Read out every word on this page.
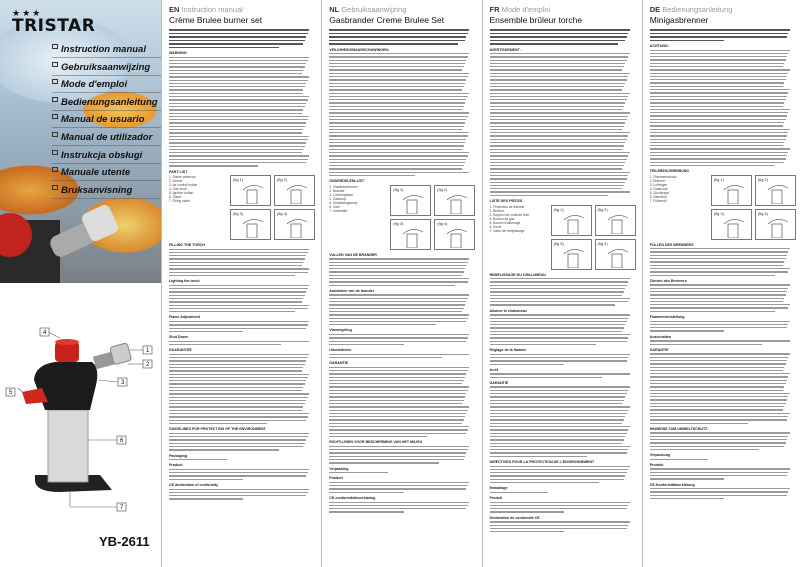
★★★
TRISTAR
Instruction manual
Gebruiksaanwijzing
Mode d'emploi
Bedienungsanleitung
Manual de usuario
Manual de utilizador
Instrukcja obsługi
Manuale utente
Bruksanvisning
1
2
3
4
5
6
7
YB-2611
EN Instruction manual
Crème Brulee burner set
WARNING:
PART LIST
(fig 1)	(fig 2)
(fig 3)	(fig 4)
1. Flame protector
2. Burner
3. Air control holder
4. Gas knob
5. Ignition button
6. Stand
7. Filling valve
FILLING THE TORCH
Lighting the torch
Flame Adjustment
Shut Down
GUARANTEE
GUIDELINES FOR PROTECTION OF THE ENVIRONMENT
Packaging
Product
CE declaration of conformity
NL Gebruiksaanwijzing
Gasbrander Creme Brulee Set
VEILIGHEIDSWAARSCHUWINGEN:
ONDERDELENLIJST
(fig 1)	(fig 2)
(fig 3)	(fig 4)
1. Vlambeschermer
2. Brander
3. Luchtregelaar
4. Gasknop
5. Ontstekingsknop
6. Voet
7. Vulventiel
VULLEN VAN DE BRANDER
Aansteken van de brander
Vlamregeling
Uitschakelen
GARANTIE
RICHTLIJNEN VOOR BESCHERMING VAN HET MILIEU
Verpakking
Product
CE-conformiteitsverklaring
FR Mode d'emploi
Ensemble brûleur torche
AVERTISSEMENT :
LISTE DES PIÈCES
(fig 1)	(fig 2)
(fig 3)	(fig 4)
1. Protection de flamme
2. Brûleur
3. Support de contrôle d'air
4. Bouton de gaz
5. Bouton d'allumage
6. Socle
7. Valve de remplissage
REMPLISSAGE DU CHALUMEAU
Allumer le chalumeau
Réglage de la flamme
Arrêt
GARANTIE
DIRECTIVES POUR LA PROTECTION DE L'ENVIRONNEMENT
Emballage
Produit
Déclaration de conformité CE
DE Bedienungsanleitung
Minigasbrenner
ACHTUNG:
TEILEBESCHREIBUNG
(fig 1)	(fig 2)
(fig 3)	(fig 4)
1. Flammenschutz
2. Brenner
3. Luftregler
4. Gasknopf
5. Zündknopf
6. Standfuß
7. Füllventil
FÜLLEN DES BRENNERS
Zünden des Brenners
Flammeneinstellung
Ausschalten
GARANTIE
HINWEISE ZUM UMWELTSCHUTZ
Verpackung
Produkt
CE-Konformitätserklärung
